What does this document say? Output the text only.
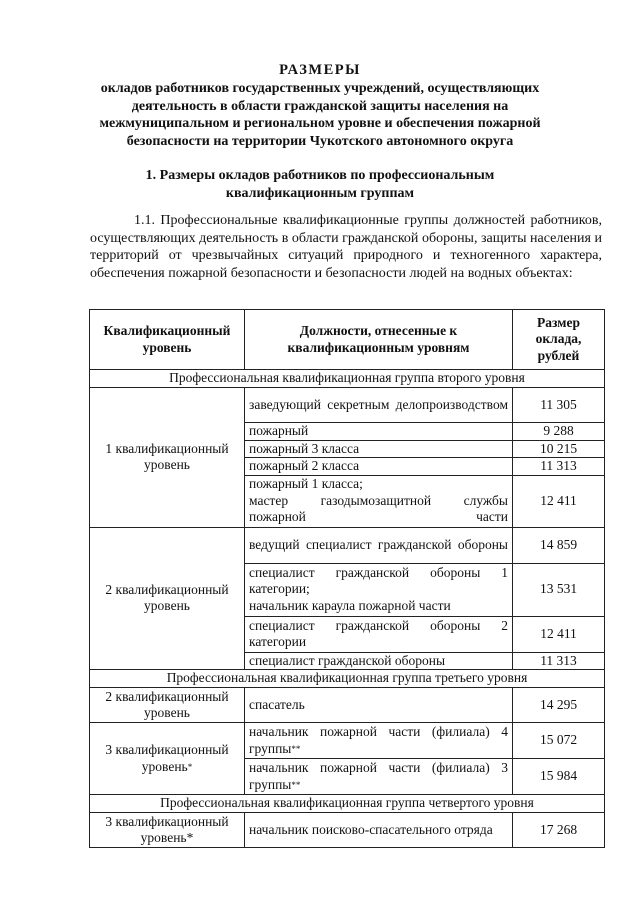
РАЗМЕРЫ
окладов работников государственных учреждений, осуществляющих
деятельность в области гражданской защиты населения на
межмуниципальном и региональном уровне и обеспечения пожарной
безопасности на территории Чукотского автономного округа
1. Размеры окладов работников по профессиональным
квалификационным группам
1.1. Профессиональные квалификационные группы должностей работников, осуществляющих деятельность в области гражданской обороны, защиты населения и территорий от чрезвычайных ситуаций природного и техногенного характера, обеспечения пожарной безопасности и безопасности людей на водных объектах:
Квалификационный уровень	Должности, отнесенные к квалификационным уровням	Размер оклада, рублей
Профессиональная квалификационная группа второго уровня		
1 квалификационный уровень	заведующий секретным делопроизводством	11 305
	пожарный	9 288
	пожарный 3 класса	10 215
	пожарный 2 класса	11 313

	пожарный 1 класса;
мастер газодымозащитной службы пожарной части	12 411
2 квалификационный уровень	ведущий специалист гражданской обороны	14 859

	специалист гражданской обороны 1 категории;
начальник караула пожарной части	13 531
	специалист гражданской обороны 2 категории	12 411
	специалист гражданской обороны	11 313
Профессиональная квалификационная группа третьего уровня		
2 квалификационный уровень	спасатель	14 295
3 квалификационный уровень*	начальник пожарной части (филиала) 4 группы**	15 072
	начальник пожарной части (филиала) 3 группы**	15 984
Профессиональная квалификационная группа четвертого уровня		
3 квалификационный уровень*	начальник поисково-спасательного отряда	17 268
